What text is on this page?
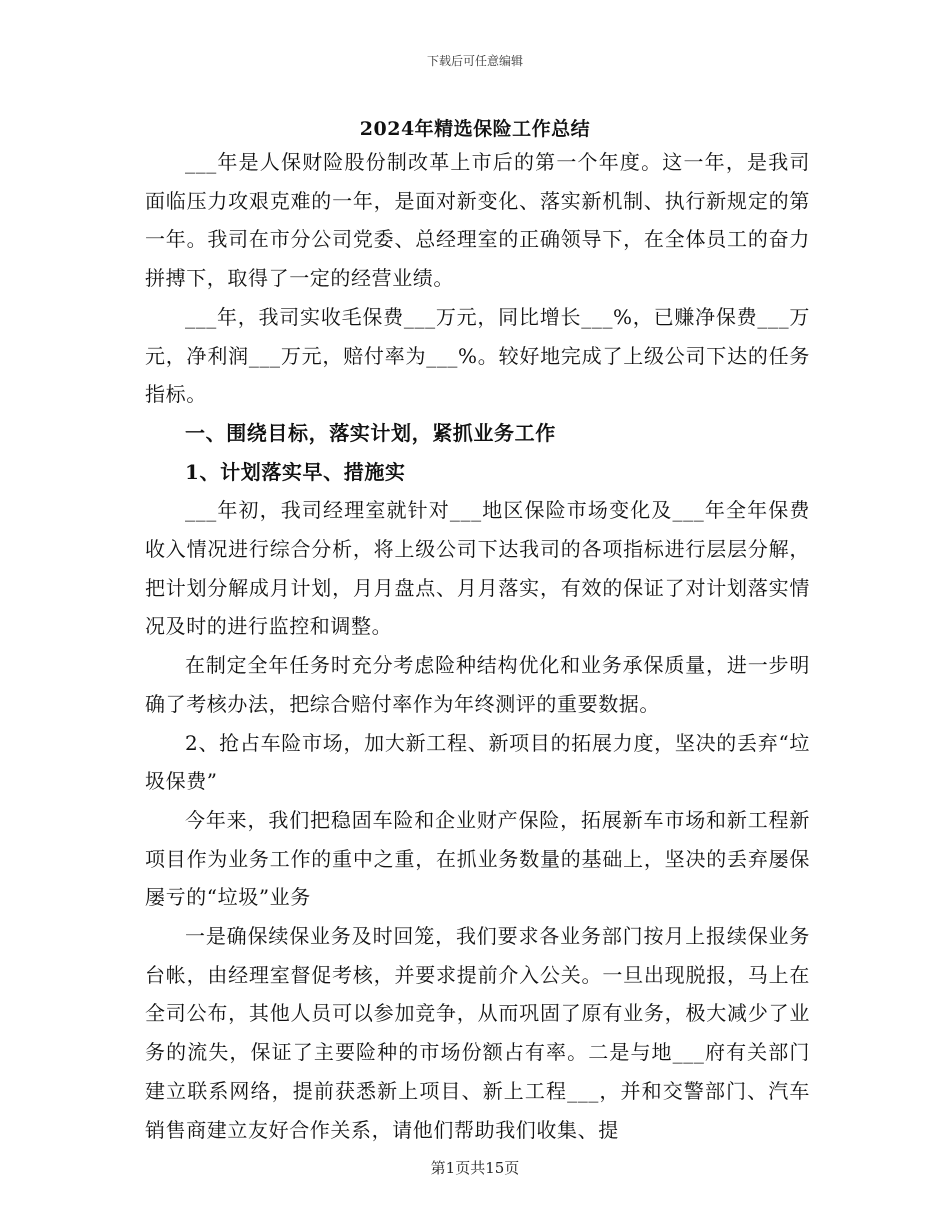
下载后可任意编辑
2024年精选保险工作总结

___年是人保财险股份制改革上市后的第一个年度。这一年，是我司面临压力攻艰克难的一年，是面对新变化、落实新机制、执行新规定的第一年。我司在市分公司党委、总经理室的正确领导下，在全体员工的奋力拼搏下，取得了一定的经营业绩。

___年，我司实收毛保费___万元，同比增长___%，已赚净保费___万元，净利润___万元，赔付率为___%。较好地完成了上级公司下达的任务指标。

一、围绕目标，落实计划，紧抓业务工作

1、计划落实早、措施实

___年初，我司经理室就针对___地区保险市场变化及___年全年保费收入情况进行综合分析，将上级公司下达我司的各项指标进行层层分解，把计划分解成月计划，月月盘点、月月落实，有效的保证了对计划落实情况及时的进行监控和调整。

在制定全年任务时充分考虑险种结构优化和业务承保质量，进一步明确了考核办法，把综合赔付率作为年终测评的重要数据。

2、抢占车险市场，加大新工程、新项目的拓展力度，坚决的丢弃“垃圾保费”

今年来，我们把稳固车险和企业财产保险，拓展新车市场和新工程新项目作为业务工作的重中之重，在抓业务数量的基础上，坚决的丢弃屡保屡亏的“垃圾”业务

一是确保续保业务及时回笼，我们要求各业务部门按月上报续保业务台帐，由经理室督促考核，并要求提前介入公关。一旦出现脱报，马上在全司公布，其他人员可以参加竞争，从而巩固了原有业务，极大减少了业务的流失，保证了主要险种的市场份额占有率。二是与地___府有关部门建立联系网络，提前获悉新上项目、新上工程___，并和交警部门、汽车销售商建立友好合作关系，请他们帮助我们收集、提

第1页共15页
